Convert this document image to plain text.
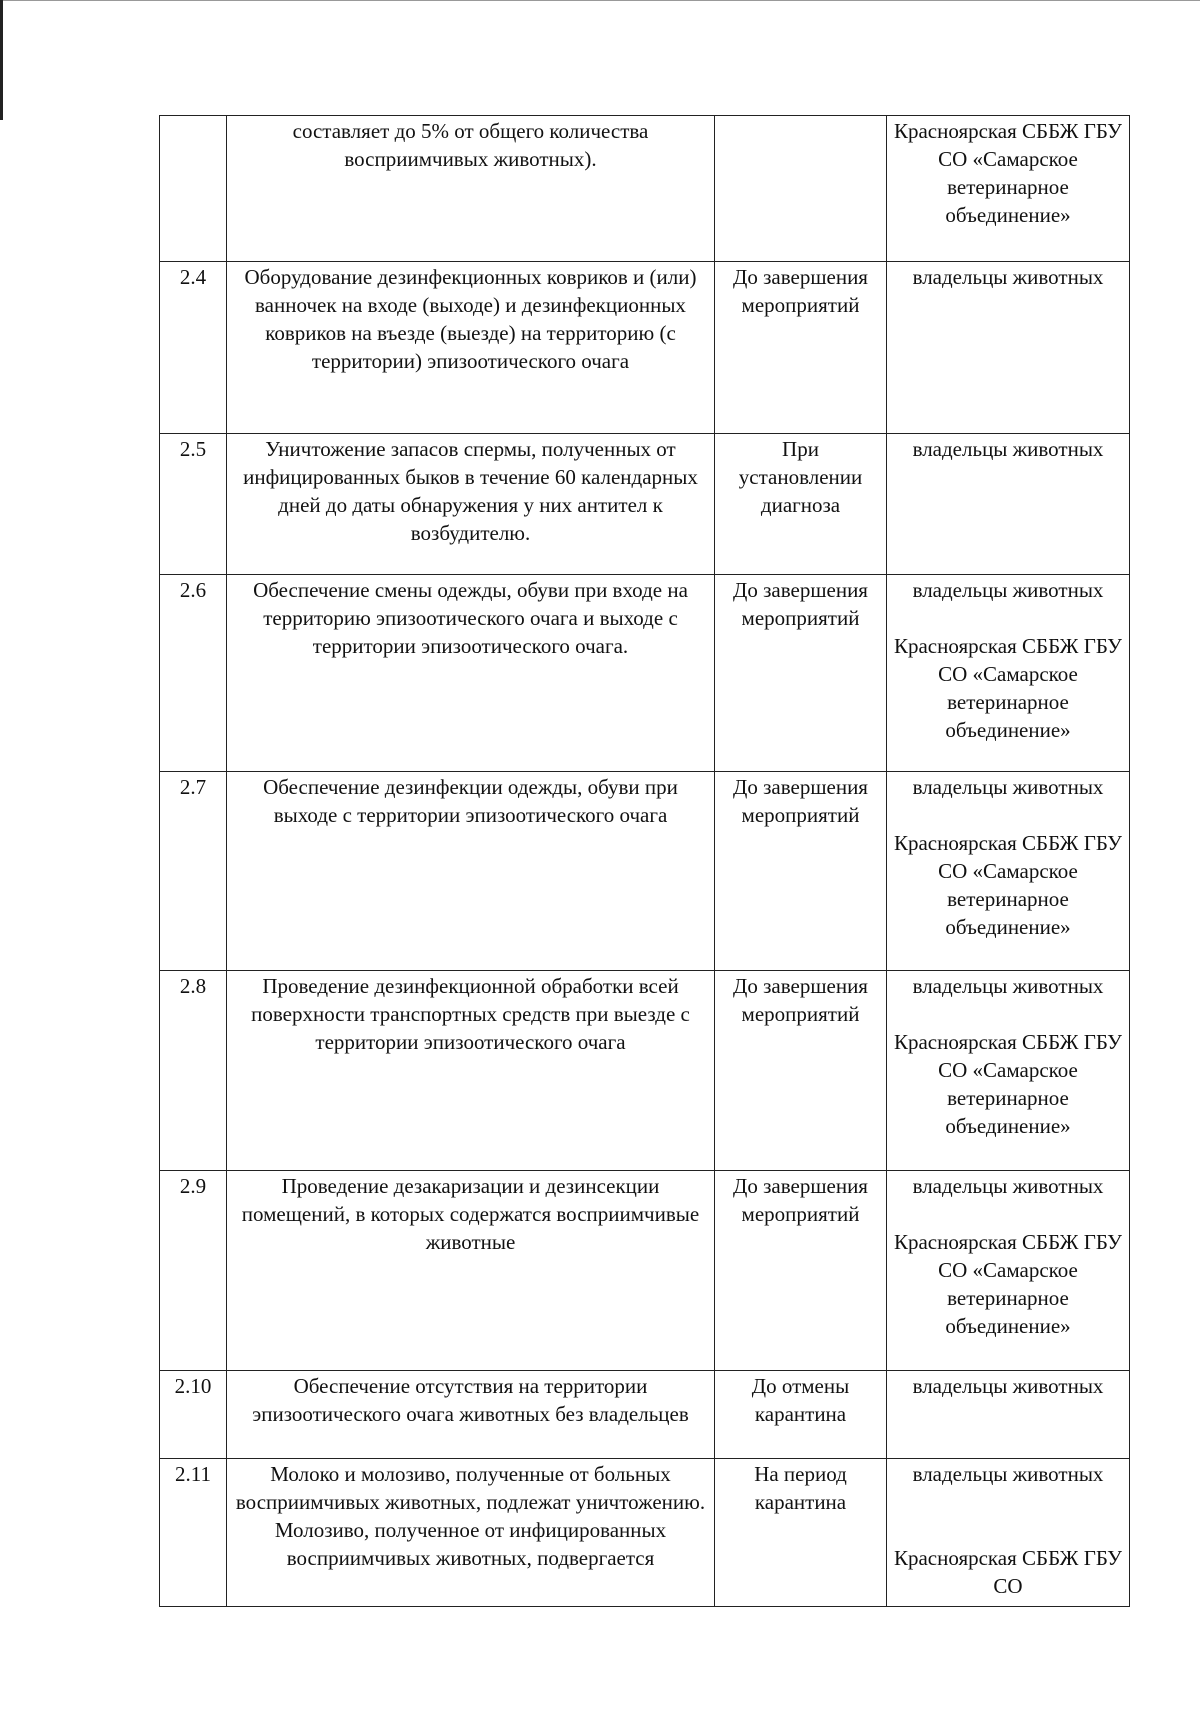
	составляет до 5% от общего количества восприимчивых животных).		Красноярская СББЖ ГБУ СО «Самарское ветеринарное объединение»

2.4	Оборудование дезинфекционных ковриков и (или) ванночек на входе (выходе) и дезинфекционных ковриков на въезде (выезде) на территорию (с территории) эпизоотического очага	До завершения мероприятий	владельцы животных

2.5	Уничтожение запасов спермы, полученных от инфицированных быков в течение 60 календарных дней до даты обнаружения у них антител к возбудителю.	При установлении диагноза	владельцы животных

2.6	Обеспечение смены одежды, обуви при входе на территорию эпизоотического очага и выходе с территории эпизоотического очага.	До завершения мероприятий	владельцы животных
Красноярская СББЖ ГБУ СО «Самарское ветеринарное объединение»

2.7	Обеспечение дезинфекции одежды, обуви при выходе с территории эпизоотического очага	До завершения мероприятий	владельцы животных
Красноярская СББЖ ГБУ СО «Самарское ветеринарное объединение»

2.8	Проведение дезинфекционной обработки всей поверхности транспортных средств при выезде с территории эпизоотического очага	До завершения мероприятий	владельцы животных
Красноярская СББЖ ГБУ СО «Самарское ветеринарное объединение»

2.9	Проведение дезакаризации и дезинсекции помещений, в которых содержатся восприимчивые животные	До завершения мероприятий	владельцы животных
Красноярская СББЖ ГБУ СО «Самарское ветеринарное объединение»

2.10	Обеспечение отсутствия на территории эпизоотического очага животных без владельцев	До отмены карантина	владельцы животных

2.11	Молоко и молозиво, полученные от больных восприимчивых животных, подлежат уничтожению. Молозиво, полученное от инфицированных восприимчивых животных, подвергается	На период карантина	владельцы животных
Красноярская СББЖ ГБУ СО
